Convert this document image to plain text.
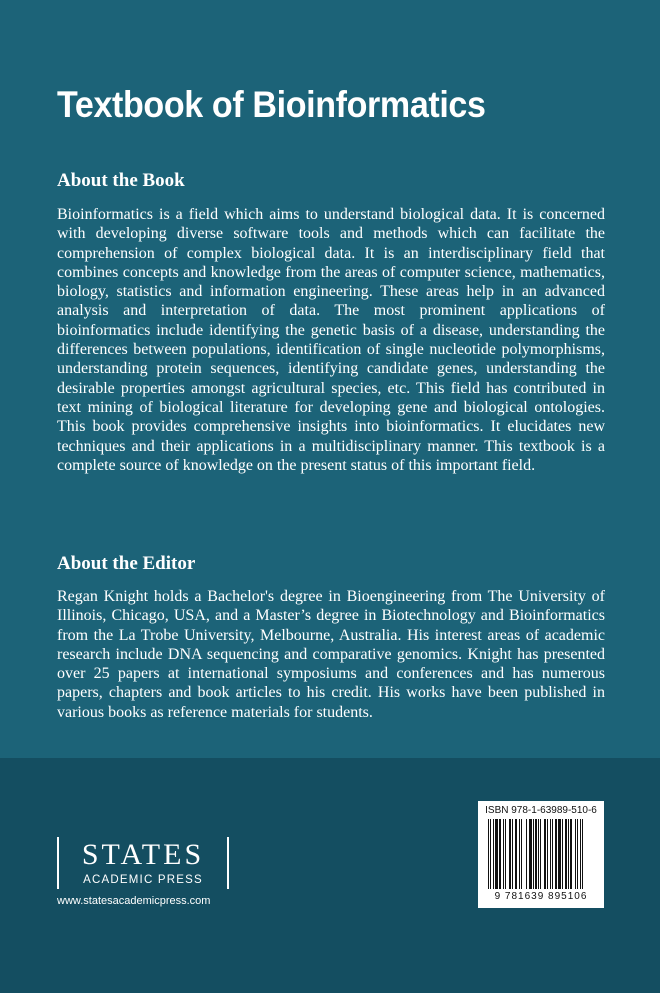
Textbook of Bioinformatics
About the Book

Bioinformatics is a field which aims to understand biological data. It is concerned with developing diverse software tools and methods which can facilitate the comprehension of complex biological data. It is an interdisciplinary field that combines concepts and knowledge from the areas of computer science, mathematics, biology, statistics and information engineering. These areas help in an advanced analysis and interpretation of data. The most prominent applications of bioinformatics include identifying the genetic basis of a disease, understanding the differences between populations, identification of single nucleotide polymorphisms, understanding protein sequences, identifying candidate genes, understanding the desirable properties amongst agricultural species, etc. This field has contributed in text mining of biological literature for developing gene and biological ontologies. This book provides comprehensive insights into bioinformatics. It elucidates new techniques and their applications in a multidisciplinary manner. This textbook is a complete source of knowledge on the present status of this important field.

About the Editor

Regan Knight holds a Bachelor's degree in Bioengineering from The University of Illinois, Chicago, USA, and a Master’s degree in Biotechnology and Bioinformatics from the La Trobe University, Melbourne, Australia. His interest areas of academic research include DNA sequencing and comparative genomics. Knight has presented over 25 papers at international symposiums and conferences and has numerous papers, chapters and book articles to his credit. His works have been published in various books as reference materials for students.

STATES
ACADEMIC PRESS
www.statesacademicpress.com
ISBN 978-1-63989-510-6
9 781639 895106
